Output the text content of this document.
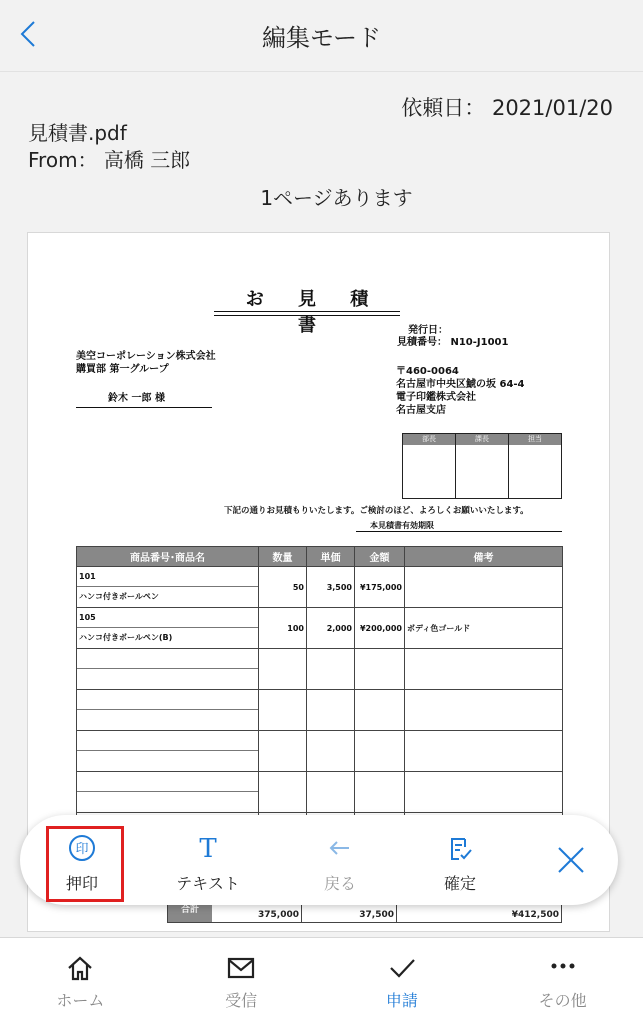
編集モード
依頼日： 2021/01/20
見積書.pdf
From： 高橋 三郎
1ページあります
お 見 積 書	発行日：
見積番号： N10-J1001
美空コーポレーション株式会社
購買部 第一グループ
鈴木 一郎 様
〒460-0064
名古屋市中央区鯱の坂 64-4
電子印鑑株式会社
名古屋支店
部長	課長	担当
下記の通りお見積もりいたします。ご検討のほど、よろしくお願いいたします。
本見積書有効期限
商品番号･商品名	数量	単価	金額	備考

101
ハンコ付きボールペン	50	3,500	¥175,000	

105
ハンコ付きボールペン(B)	100	2,000	¥200,000	ボディ色ゴールド

合計	375,000	37,500	¥412,500
印
押印
T
テキスト	戻る	確定
ホーム	受信	申請	その他
